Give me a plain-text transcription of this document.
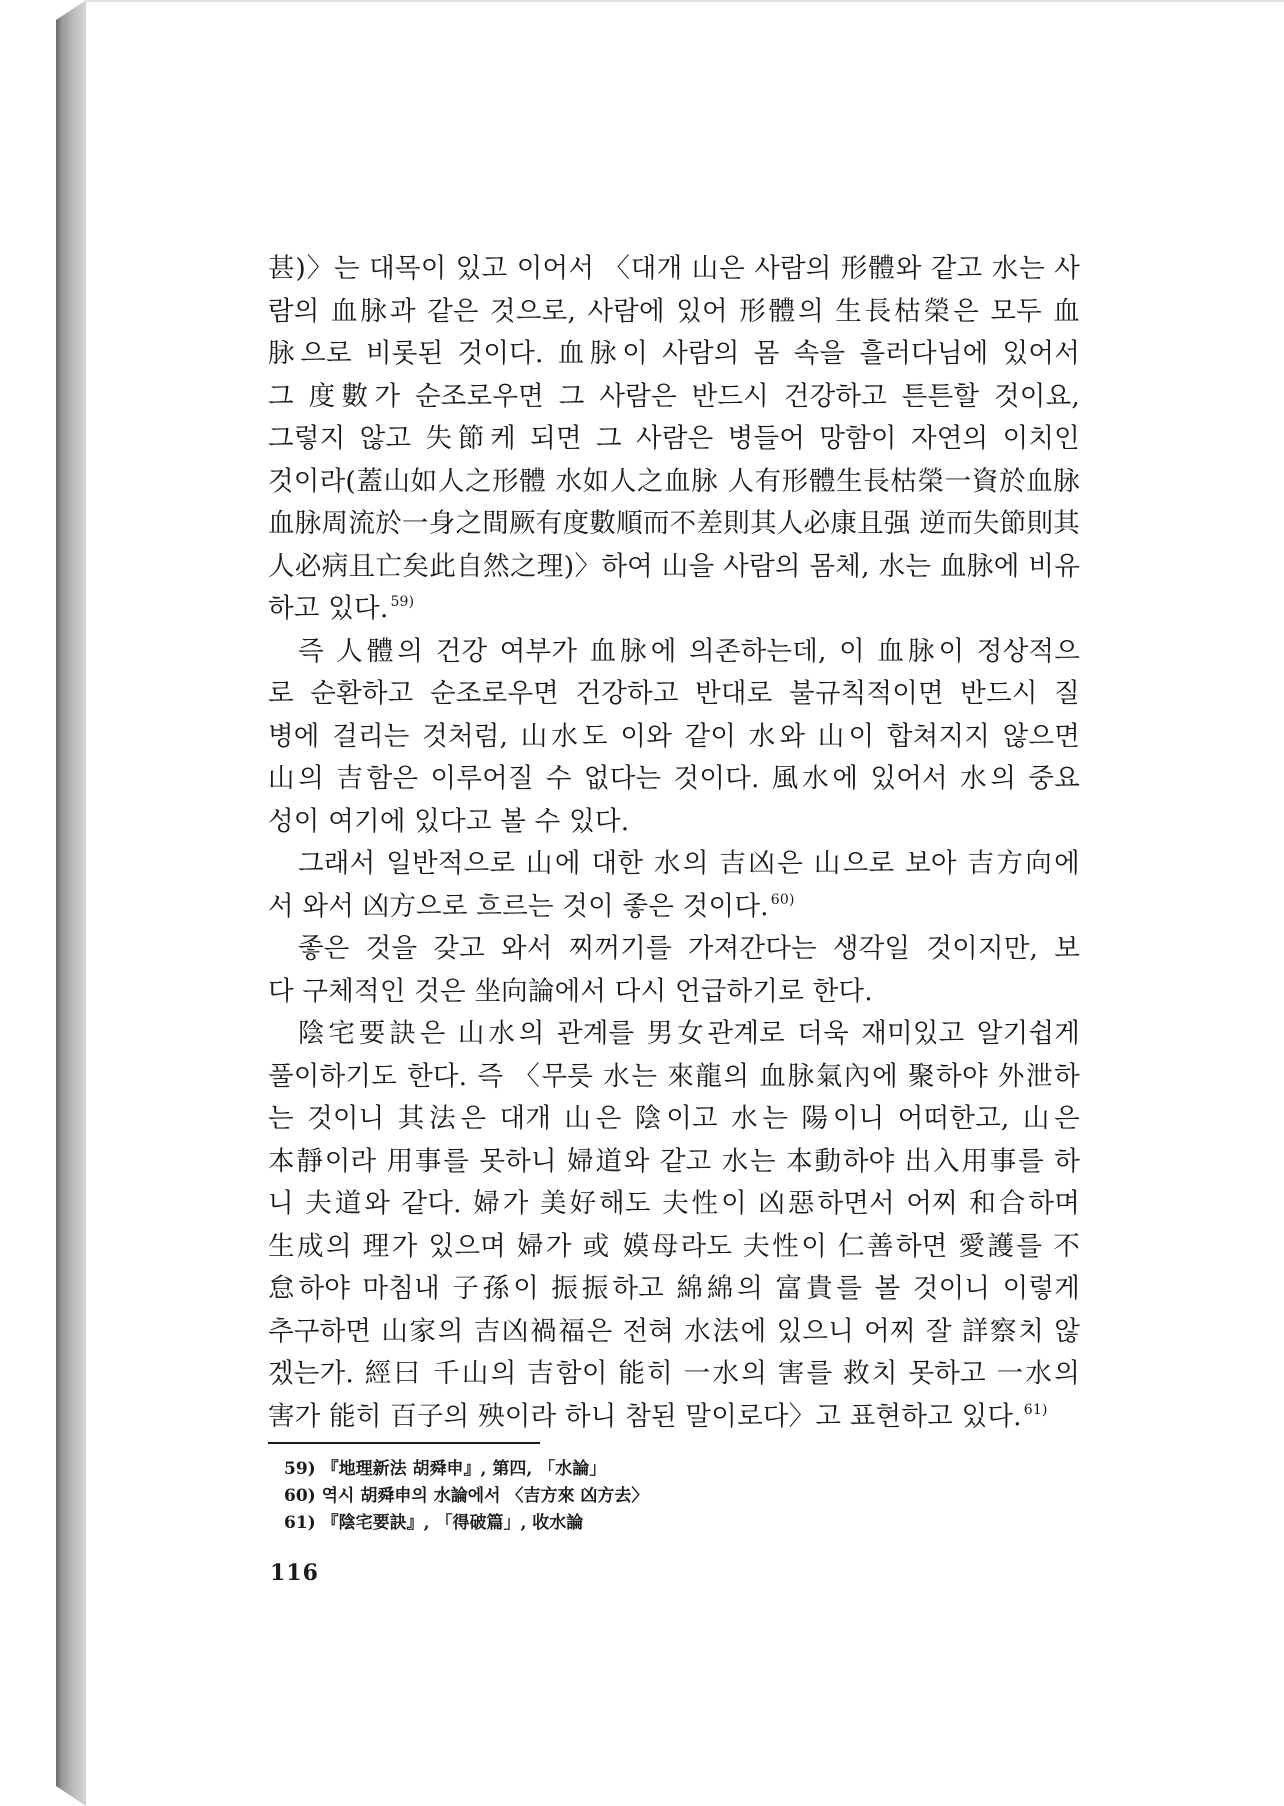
甚)〉는 대목이 있고 이어서 〈대개 山은 사람의 形體와 같고 水는 사

람의 血脉과 같은 것으로, 사람에 있어 形體의 生長枯榮은 모두 血

脉으로 비롯된 것이다. 血脉이 사람의 몸 속을 흘러다님에 있어서

그 度數가 순조로우면 그 사람은 반드시 건강하고 튼튼할 것이요,

그렇지 않고 失節케 되면 그 사람은 병들어 망함이 자연의 이치인

것이라(蓋山如人之形體 水如人之血脉 人有形體生長枯榮一資於血脉

血脉周流於一身之間厥有度數順而不差則其人必康且强 逆而失節則其

人必病且亡矣此自然之理)〉하여 山을 사람의 몸체, 水는 血脉에 비유

하고 있다. $^{59)}$

즉 人體의 건강 여부가 血脉에 의존하는데, 이 血脉이 정상적으

로 순환하고 순조로우면 건강하고 반대로 불규칙적이면 반드시 질

병에 걸리는 것처럼, 山水도 이와 같이 水와 山이 합쳐지지 않으면

山의 吉함은 이루어질 수 없다는 것이다. 風水에 있어서 水의 중요

성이 여기에 있다고 볼 수 있다.

그래서 일반적으로 山에 대한 水의 吉凶은 山으로 보아 吉方向에

서 와서 凶方으로 흐르는 것이 좋은 것이다. $^{60)}$

좋은 것을 갖고 와서 찌꺼기를 가져간다는 생각일 것이지만, 보

다 구체적인 것은 坐向論에서 다시 언급하기로 한다.

陰宅要訣은 山水의 관계를 男女관계로 더욱 재미있고 알기쉽게

풀이하기도 한다. 즉 〈무릇 水는 來龍의 血脉氣內에 聚하야 外泄하

는 것이니 其法은 대개 山은 陰이고 水는 陽이니 어떠한고, 山은

本靜이라 用事를 못하니 婦道와 같고 水는 本動하야 出入用事를 하

니 夫道와 같다. 婦가 美好해도 夫性이 凶惡하면서 어찌 和合하며

生成의 理가 있으며 婦가 或 嫫母라도 夫性이 仁善하면 愛護를 不

怠하야 마침내 子孫이 振振하고 綿綿의 富貴를 볼 것이니 이렇게

추구하면 山家의 吉凶禍福은 전혀 水法에 있으니 어찌 잘 詳察치 않

겠는가. 經曰 千山의 吉함이 能히 一水의 害를 救치 못하고 一水의

害가 能히 百子의 殃이라 하니 참된 말이로다〉고 표현하고 있다. $^{61)}$

59) 『地理新法 胡舜申』, 第四, 「水論」

60) 역시 胡舜申의 水論에서 〈吉方來 凶方去〉

61) 『陰宅要訣』, 「得破篇」, 收水論

116
